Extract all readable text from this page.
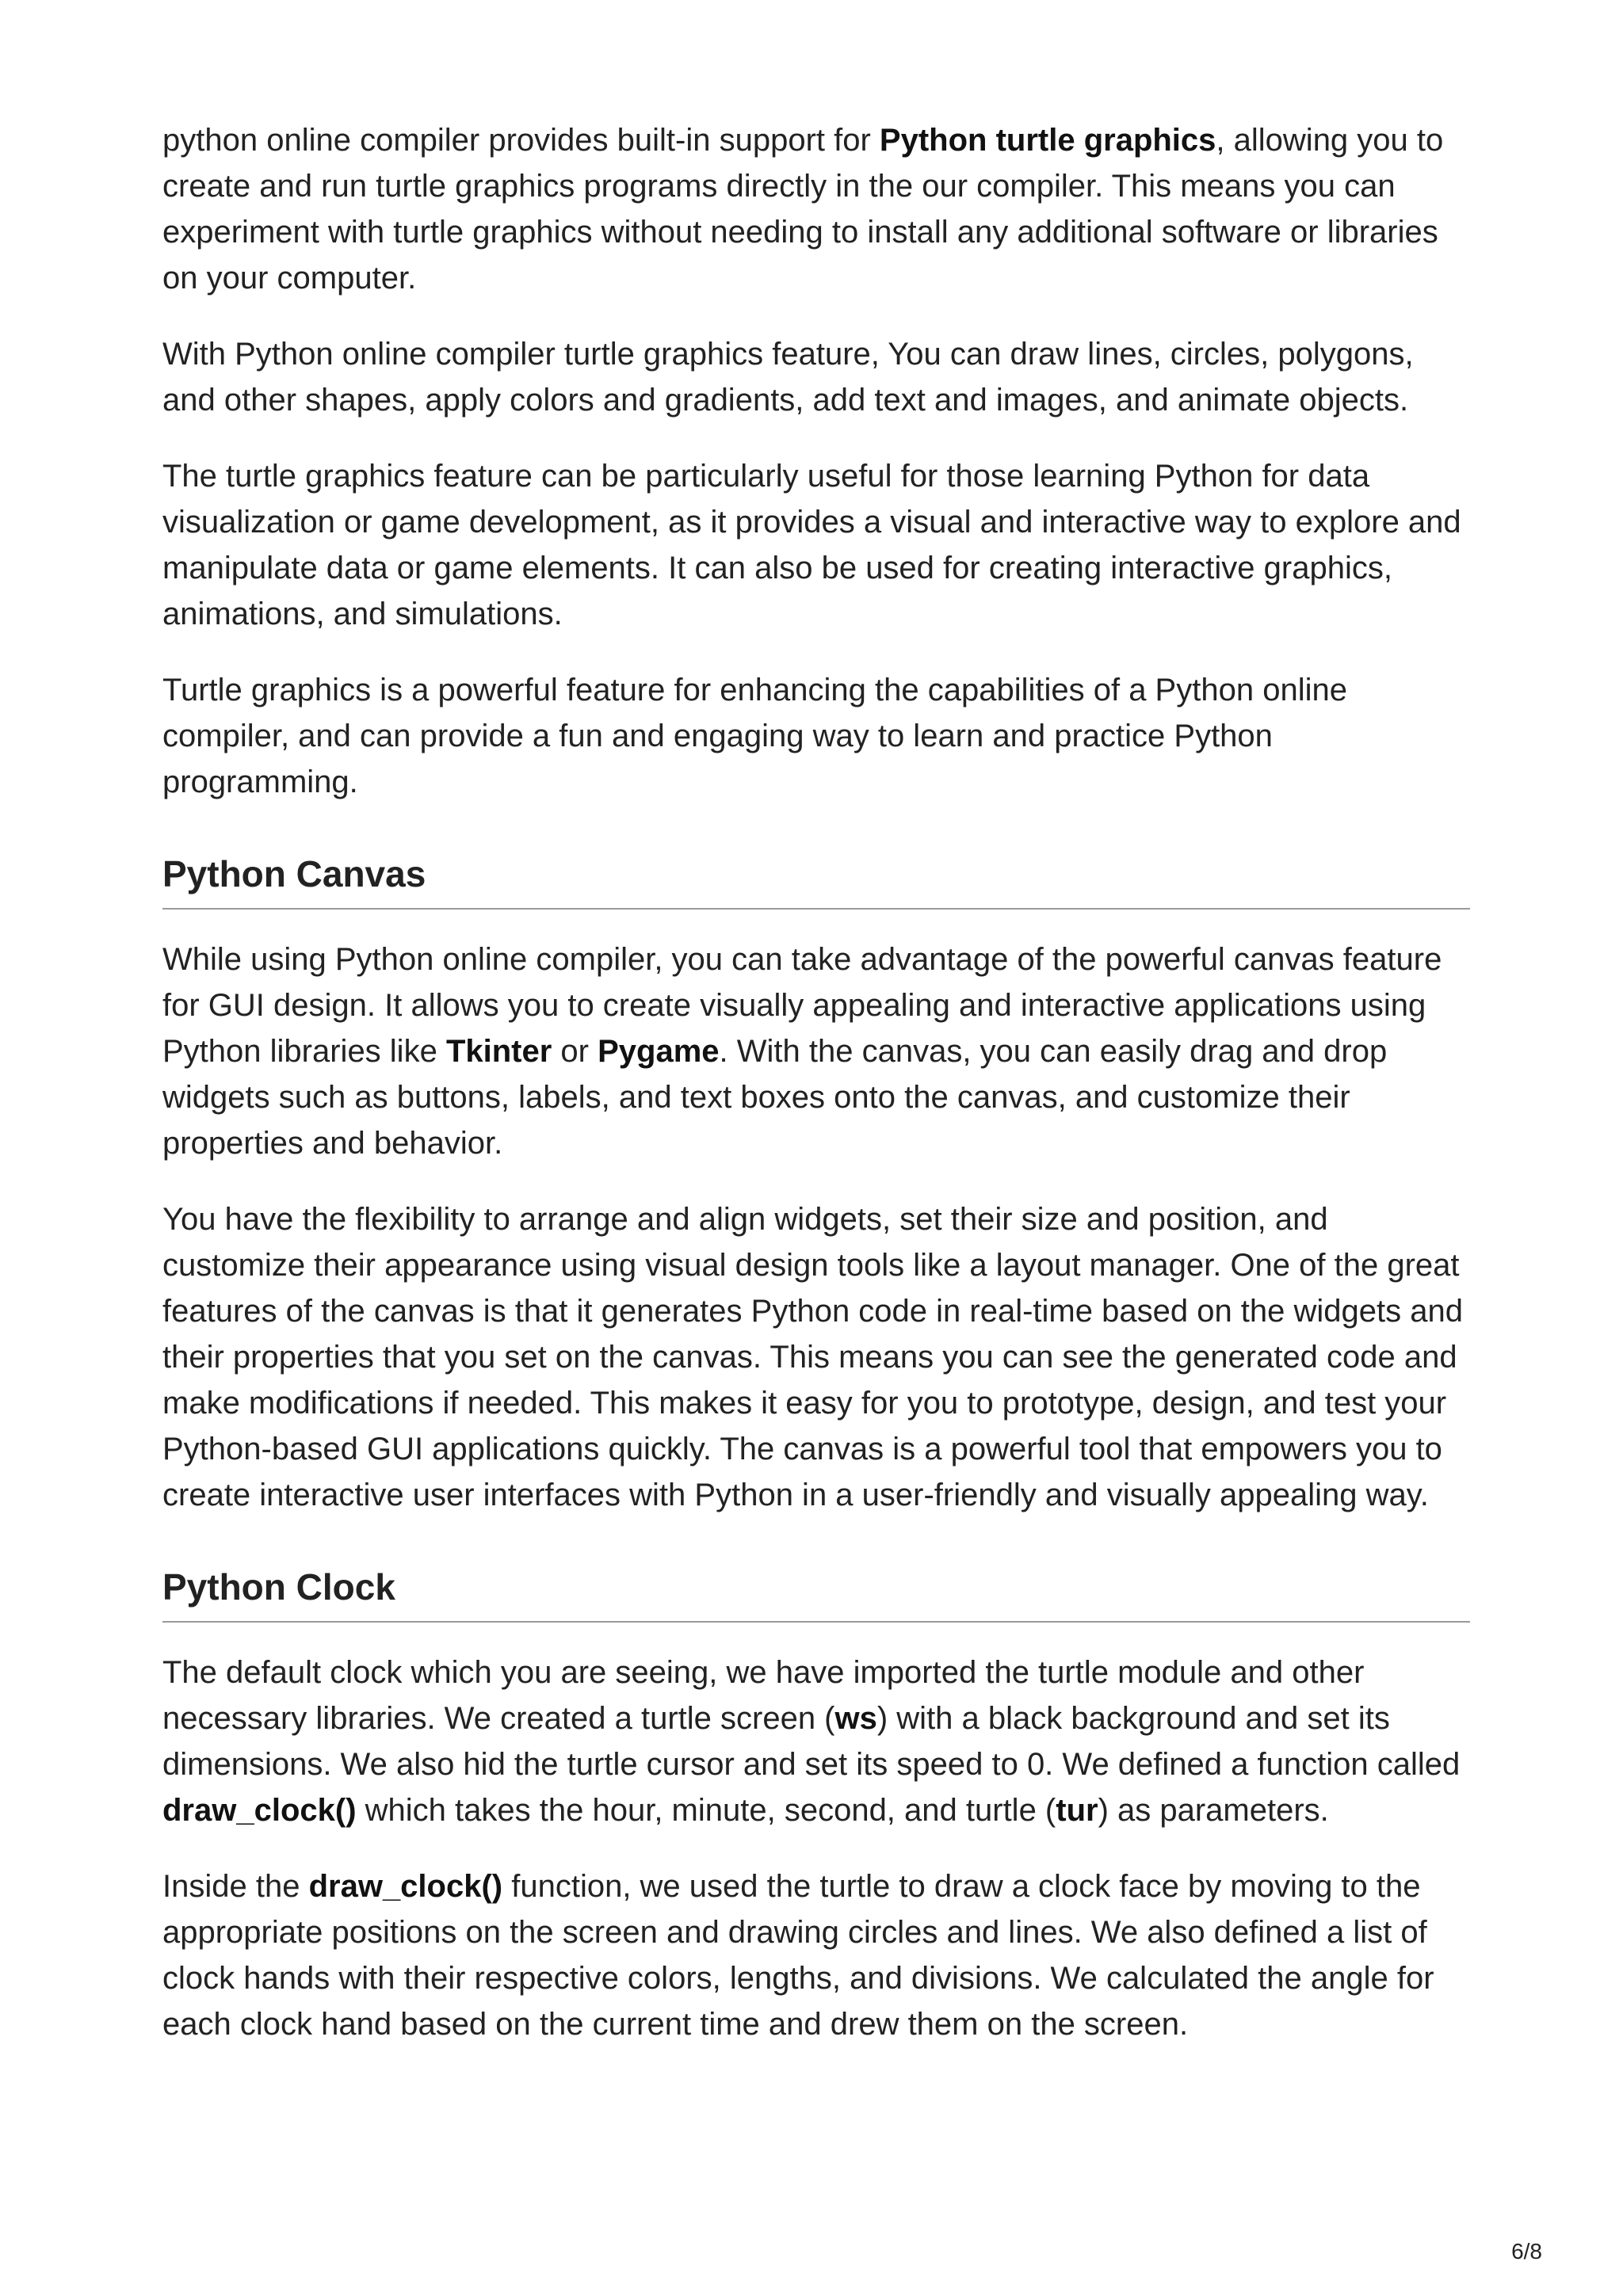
python online compiler provides built-in support for Python turtle graphics, allowing you to create and run turtle graphics programs directly in the our compiler. This means you can experiment with turtle graphics without needing to install any additional software or libraries on your computer.

With Python online compiler turtle graphics feature, You can draw lines, circles, polygons, and other shapes, apply colors and gradients, add text and images, and animate objects.

The turtle graphics feature can be particularly useful for those learning Python for data visualization or game development, as it provides a visual and interactive way to explore and manipulate data or game elements. It can also be used for creating interactive graphics, animations, and simulations.

Turtle graphics is a powerful feature for enhancing the capabilities of a Python online compiler, and can provide a fun and engaging way to learn and practice Python programming.

Python Canvas

While using Python online compiler, you can take advantage of the powerful canvas feature for GUI design. It allows you to create visually appealing and interactive applications using Python libraries like Tkinter or Pygame. With the canvas, you can easily drag and drop widgets such as buttons, labels, and text boxes onto the canvas, and customize their properties and behavior.

You have the flexibility to arrange and align widgets, set their size and position, and customize their appearance using visual design tools like a layout manager. One of the great features of the canvas is that it generates Python code in real-time based on the widgets and their properties that you set on the canvas. This means you can see the generated code and make modifications if needed. This makes it easy for you to prototype, design, and test your Python-based GUI applications quickly. The canvas is a powerful tool that empowers you to create interactive user interfaces with Python in a user-friendly and visually appealing way.

Python Clock

The default clock which you are seeing, we have imported the turtle module and other necessary libraries. We created a turtle screen (ws) with a black background and set its dimensions. We also hid the turtle cursor and set its speed to 0. We defined a function called draw_clock() which takes the hour, minute, second, and turtle (tur) as parameters.

Inside the draw_clock() function, we used the turtle to draw a clock face by moving to the appropriate positions on the screen and drawing circles and lines. We also defined a list of clock hands with their respective colors, lengths, and divisions. We calculated the angle for each clock hand based on the current time and drew them on the screen.

6/8
